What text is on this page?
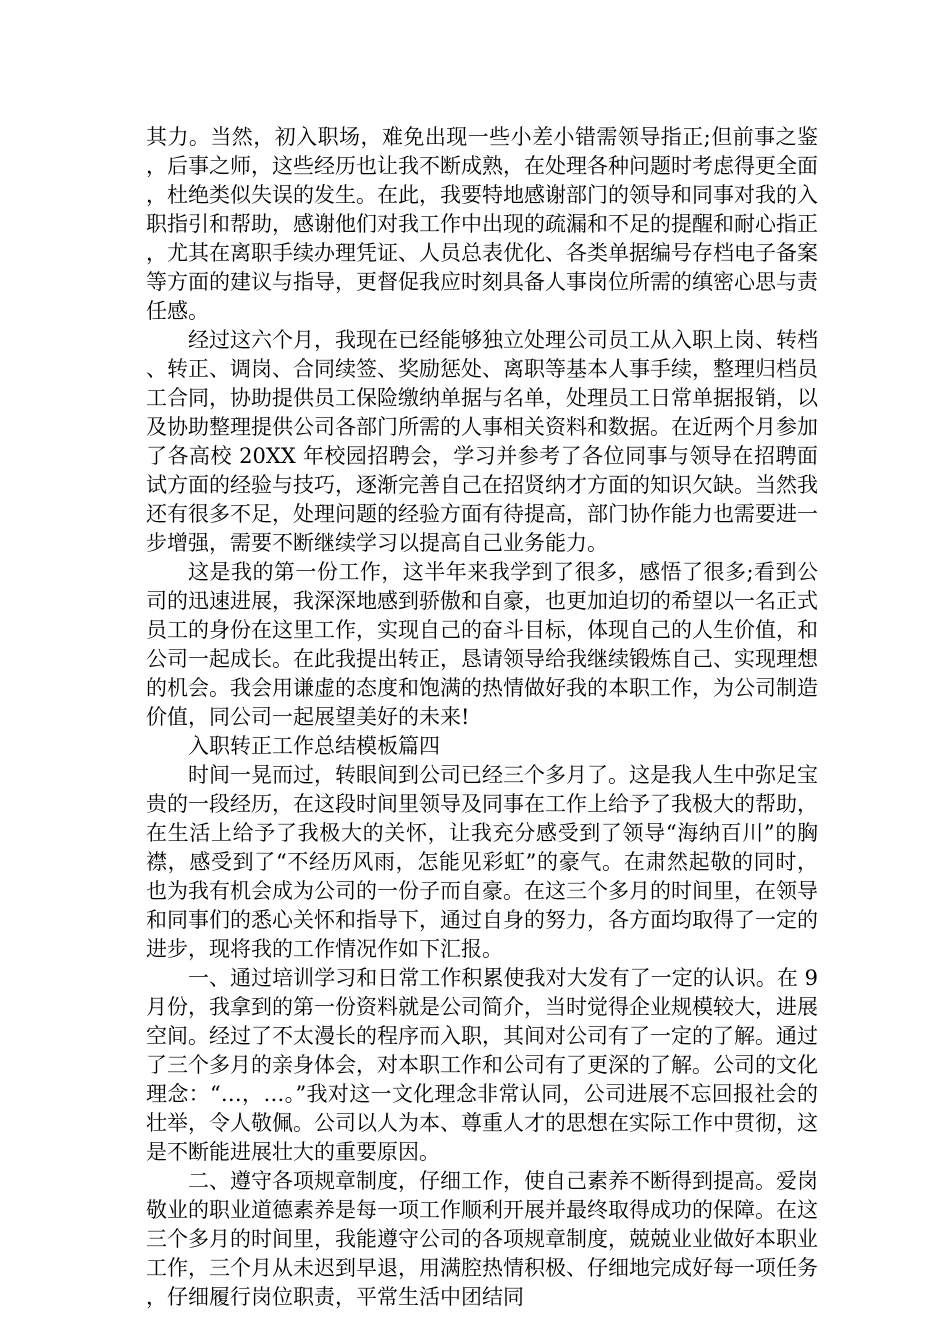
其力。当然，初入职场，难免出现一些小差小错需领导指正;但前事之鉴，后事之师，这些经历也让我不断成熟，在处理各种问题时考虑得更全面，杜绝类似失误的发生。在此，我要特地感谢部门的领导和同事对我的入职指引和帮助，感谢他们对我工作中出现的疏漏和不足的提醒和耐心指正，尤其在离职手续办理凭证、人员总表优化、各类单据编号存档电子备案等方面的建议与指导，更督促我应时刻具备人事岗位所需的缜密心思与责任感。

经过这六个月，我现在已经能够独立处理公司员工从入职上岗、转档、转正、调岗、合同续签、奖励惩处、离职等基本人事手续，整理归档员工合同，协助提供员工保险缴纳单据与名单，处理员工日常单据报销，以及协助整理提供公司各部门所需的人事相关资料和数据。在近两个月参加了各高校 20XX 年校园招聘会，学习并参考了各位同事与领导在招聘面试方面的经验与技巧，逐渐完善自己在招贤纳才方面的知识欠缺。当然我还有很多不足，处理问题的经验方面有待提高，部门协作能力也需要进一步增强，需要不断继续学习以提高自己业务能力。

这是我的第一份工作，这半年来我学到了很多，感悟了很多;看到公司的迅速进展，我深深地感到骄傲和自豪，也更加迫切的希望以一名正式员工的身份在这里工作，实现自己的奋斗目标，体现自己的人生价值，和公司一起成长。在此我提出转正，恳请领导给我继续锻炼自己、实现理想的机会。我会用谦虚的态度和饱满的热情做好我的本职工作，为公司制造价值，同公司一起展望美好的未来!

入职转正工作总结模板篇四

时间一晃而过，转眼间到公司已经三个多月了。这是我人生中弥足宝贵的一段经历，在这段时间里领导及同事在工作上给予了我极大的帮助，在生活上给予了我极大的关怀，让我充分感受到了领导“海纳百川”的胸襟，感受到了“不经历风雨，怎能见彩虹”的豪气。在肃然起敬的同时，也为我有机会成为公司的一份子而自豪。在这三个多月的时间里，在领导和同事们的悉心关怀和指导下，通过自身的努力，各方面均取得了一定的进步，现将我的工作情况作如下汇报。

一、通过培训学习和日常工作积累使我对大发有了一定的认识。在 9 月份，我拿到的第一份资料就是公司简介，当时觉得企业规模较大，进展空间。经过了不太漫长的程序而入职，其间对公司有了一定的了解。通过了三个多月的亲身体会，对本职工作和公司有了更深的了解。公司的文化理念：“…，…。”我对这一文化理念非常认同，公司进展不忘回报社会的壮举，令人敬佩。公司以人为本、尊重人才的思想在实际工作中贯彻，这是不断能进展壮大的重要原因。

二、遵守各项规章制度，仔细工作，使自己素养不断得到提高。爱岗敬业的职业道德素养是每一项工作顺利开展并最终取得成功的保障。在这三个多月的时间里，我能遵守公司的各项规章制度，兢兢业业做好本职业工作，三个月从未迟到早退，用满腔热情积极、仔细地完成好每一项任务，仔细履行岗位职责，平常生活中团结同
